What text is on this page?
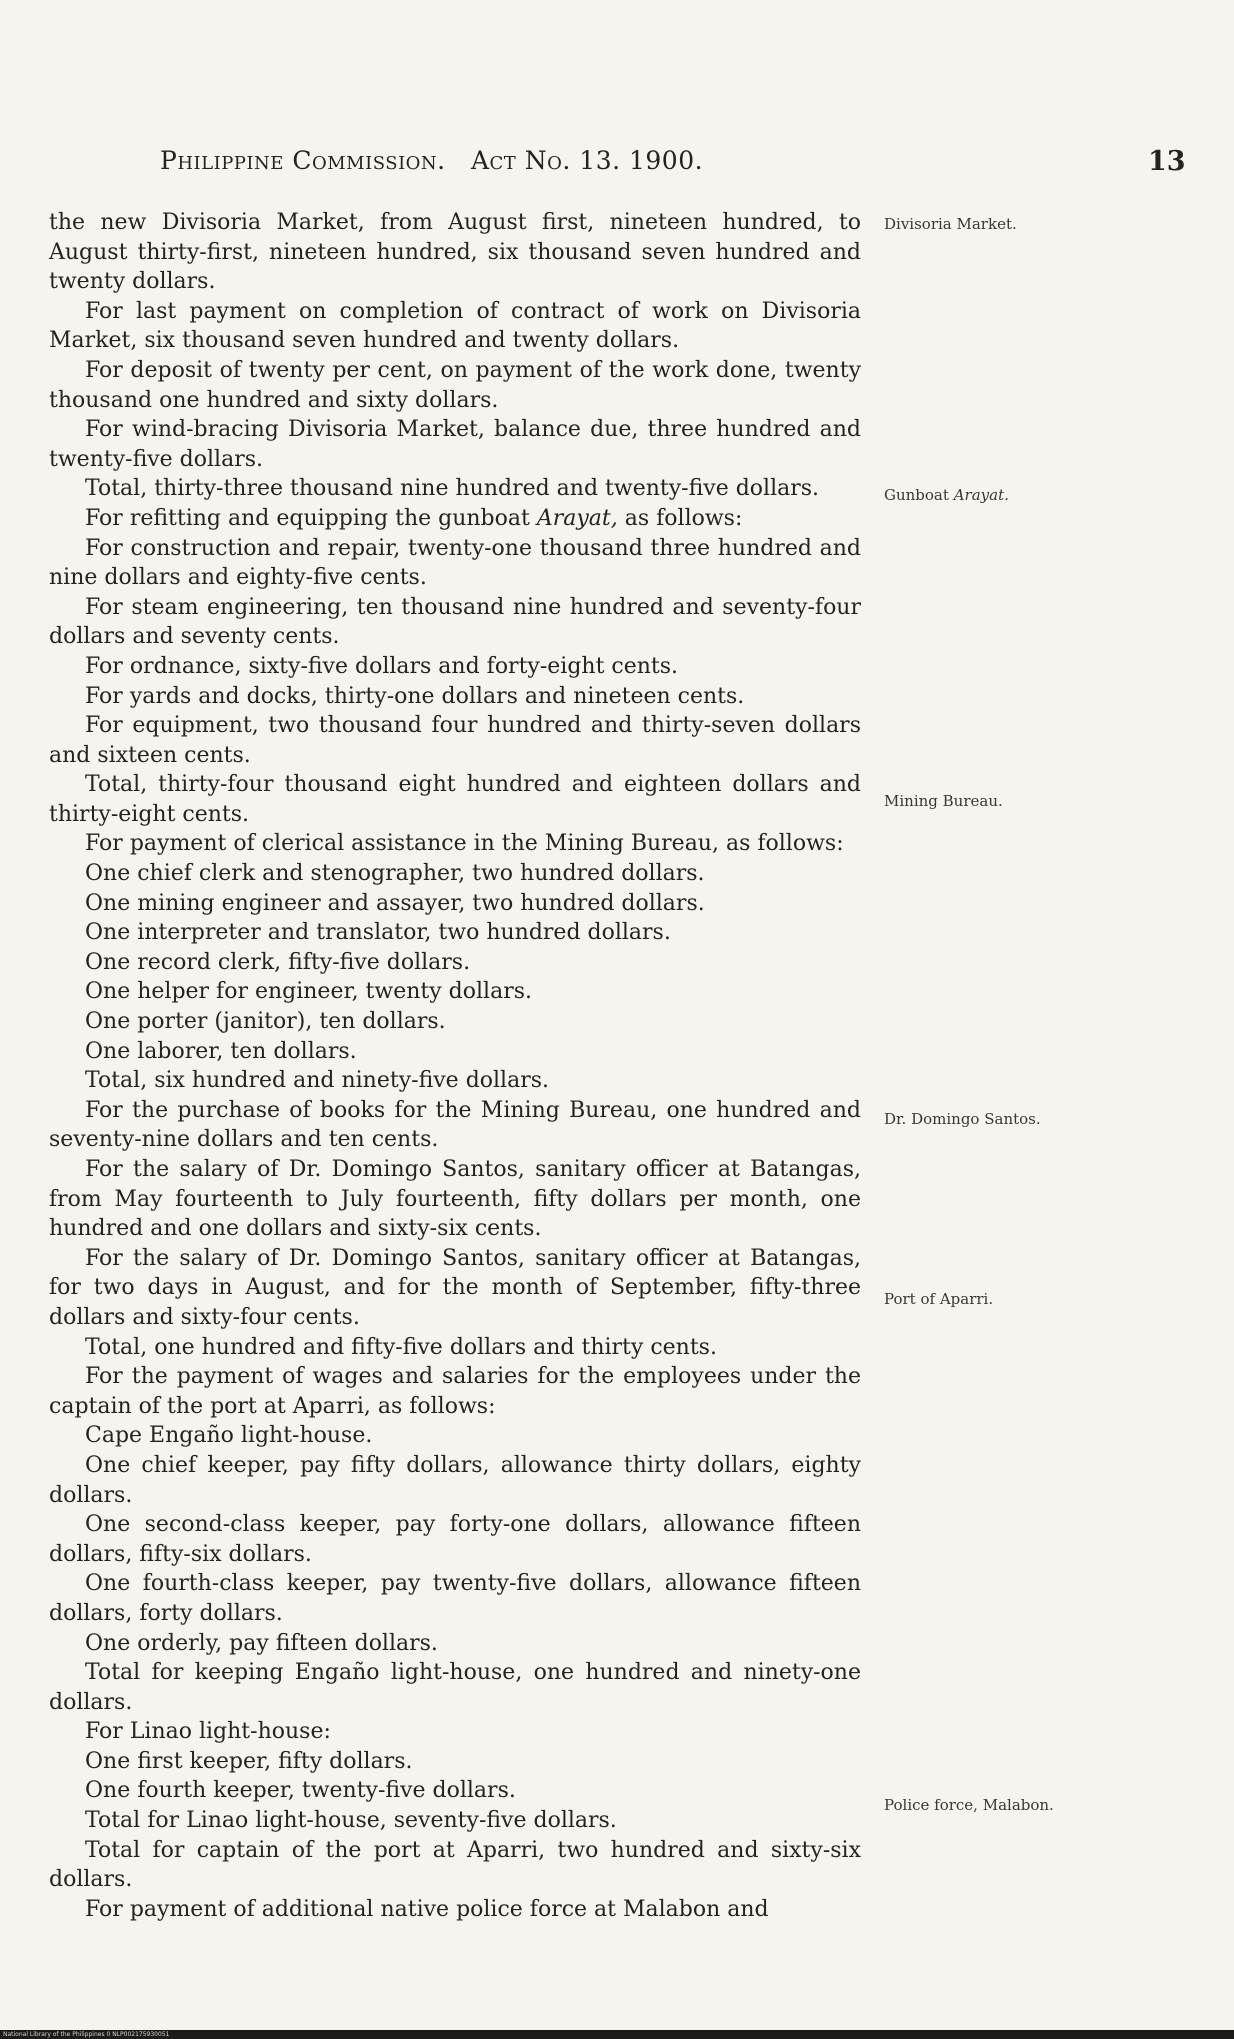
Philippine Commission. Act No. 13. 1900.	13

the new Divisoria Market, from August first, nineteen hundred, to August thirty-first, nineteen hundred, six thousand seven hundred and twenty dollars.

For last payment on completion of contract of work on Divisoria Market, six thousand seven hundred and twenty dollars.

For deposit of twenty per cent, on payment of the work done, twenty thousand one hundred and sixty dollars.

For wind-bracing Divisoria Market, balance due, three hundred and twenty-five dollars.

Total, thirty-three thousand nine hundred and twenty-five dollars.

For refitting and equipping the gunboat Arayat, as follows:

For construction and repair, twenty-one thousand three hundred and nine dollars and eighty-five cents.

For steam engineering, ten thousand nine hundred and seventy-four dollars and seventy cents.

For ordnance, sixty-five dollars and forty-eight cents.

For yards and docks, thirty-one dollars and nineteen cents.

For equipment, two thousand four hundred and thirty-seven dollars and sixteen cents.

Total, thirty-four thousand eight hundred and eighteen dollars and thirty-eight cents.

For payment of clerical assistance in the Mining Bureau, as follows:

One chief clerk and stenographer, two hundred dollars.

One mining engineer and assayer, two hundred dollars.

One interpreter and translator, two hundred dollars.

One record clerk, fifty-five dollars.

One helper for engineer, twenty dollars.

One porter (janitor), ten dollars.

One laborer, ten dollars.

Total, six hundred and ninety-five dollars.

For the purchase of books for the Mining Bureau, one hundred and seventy-nine dollars and ten cents.

For the salary of Dr. Domingo Santos, sanitary officer at Batangas, from May fourteenth to July fourteenth, fifty dollars per month, one hundred and one dollars and sixty-six cents.

For the salary of Dr. Domingo Santos, sanitary officer at Batangas, for two days in August, and for the month of September, fifty-three dollars and sixty-four cents.

Total, one hundred and fifty-five dollars and thirty cents.

For the payment of wages and salaries for the employees under the captain of the port at Aparri, as follows:

Cape Engaño light-house.

One chief keeper, pay fifty dollars, allowance thirty dollars, eighty dollars.

One second-class keeper, pay forty-one dollars, allowance fifteen dollars, fifty-six dollars.

One fourth-class keeper, pay twenty-five dollars, allowance fifteen dollars, forty dollars.

One orderly, pay fifteen dollars.

Total for keeping Engaño light-house, one hundred and ninety-one dollars.

For Linao light-house:

One first keeper, fifty dollars.

One fourth keeper, twenty-five dollars.

Total for Linao light-house, seventy-five dollars.

Total for captain of the port at Aparri, two hundred and sixty-six dollars.

For payment of additional native police force at Malabon and

Divisoria Market.
Gunboat Arayat.
Mining Bureau.
Dr. Domingo Santos.
Port of Aparri.
Police force, Malabon.
National Library of the Philippines 0 NLP002175930051
